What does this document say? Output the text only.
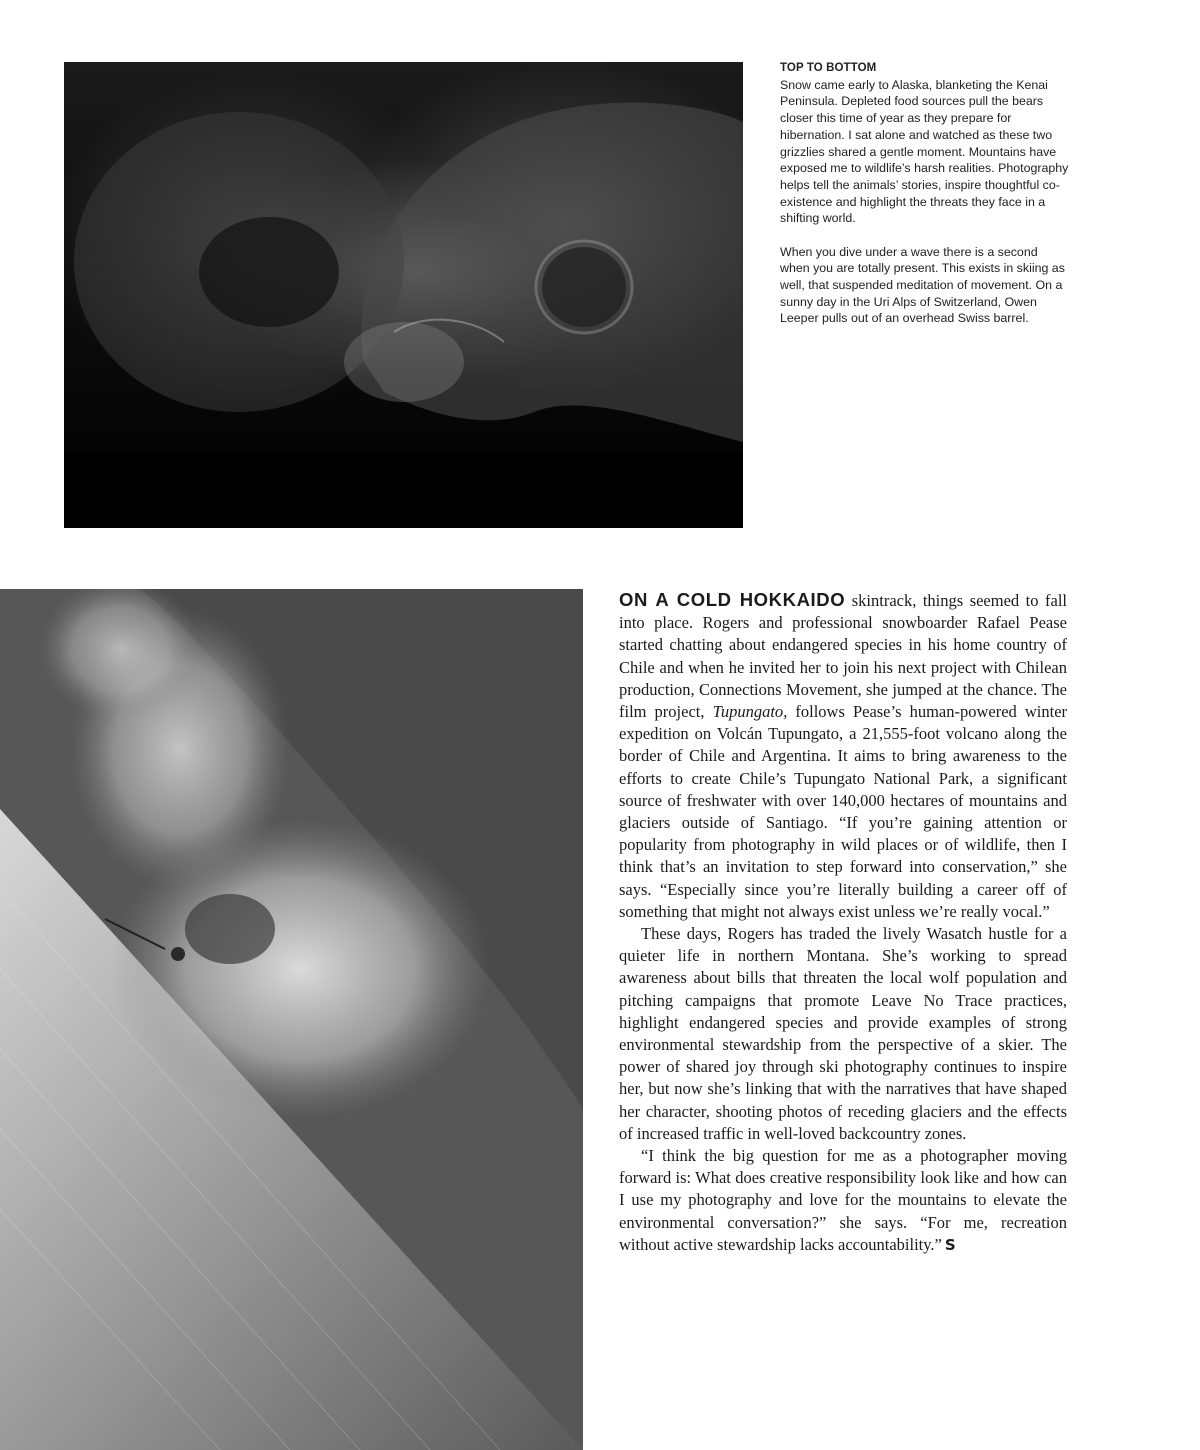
TOP TO BOTTOM

Snow came early to Alaska, blanketing the Kenai Peninsula. Depleted food sources pull the bears closer this time of year as they prepare for hibernation. I sat alone and watched as these two grizzlies shared a gentle moment. Mountains have exposed me to wildlife’s harsh realities. Photography helps tell the animals’ stories, inspire thoughtful co-existence and highlight the threats they face in a shifting world.

When you dive under a wave there is a second when you are totally present. This exists in skiing as well, that suspended meditation of movement. On a sunny day in the Uri Alps of Switzerland, Owen Leeper pulls out of an overhead Swiss barrel.

ON A COLD HOKKAIDO skintrack, things seemed to fall into place. Rogers and professional snowboarder Rafael Pease started chatting about endangered species in his home country of Chile and when he invited her to join his next project with Chilean production, Connections Movement, she jumped at the chance. The film project, Tupungato, follows Pease’s human-powered winter expedition on Volcán Tupungato, a 21,555-foot volcano along the border of Chile and Argentina. It aims to bring awareness to the efforts to create Chile’s Tupungato National Park, a significant source of freshwater with over 140,000 hectares of mountains and glaciers outside of Santiago. “If you’re gaining attention or popularity from photography in wild places or of wildlife, then I think that’s an invitation to step forward into conservation,” she says. “Especially since you’re literally building a career off of something that might not always exist unless we’re really vocal.”

These days, Rogers has traded the lively Wasatch hustle for a quieter life in northern Montana. She’s working to spread awareness about bills that threaten the local wolf population and pitching campaigns that promote Leave No Trace practices, highlight endangered species and provide examples of strong environmental stewardship from the perspective of a skier. The power of shared joy through ski photography continues to inspire her, but now she’s linking that with the narratives that have shaped her character, shooting photos of receding glaciers and the effects of increased traffic in well-loved backcountry zones.

“I think the big question for me as a photographer moving forward is: What does creative responsibility look like and how can I use my photography and love for the mountains to elevate the environmental conversation?” she says. “For me, recreation without active stewardship lacks accountability.” S
